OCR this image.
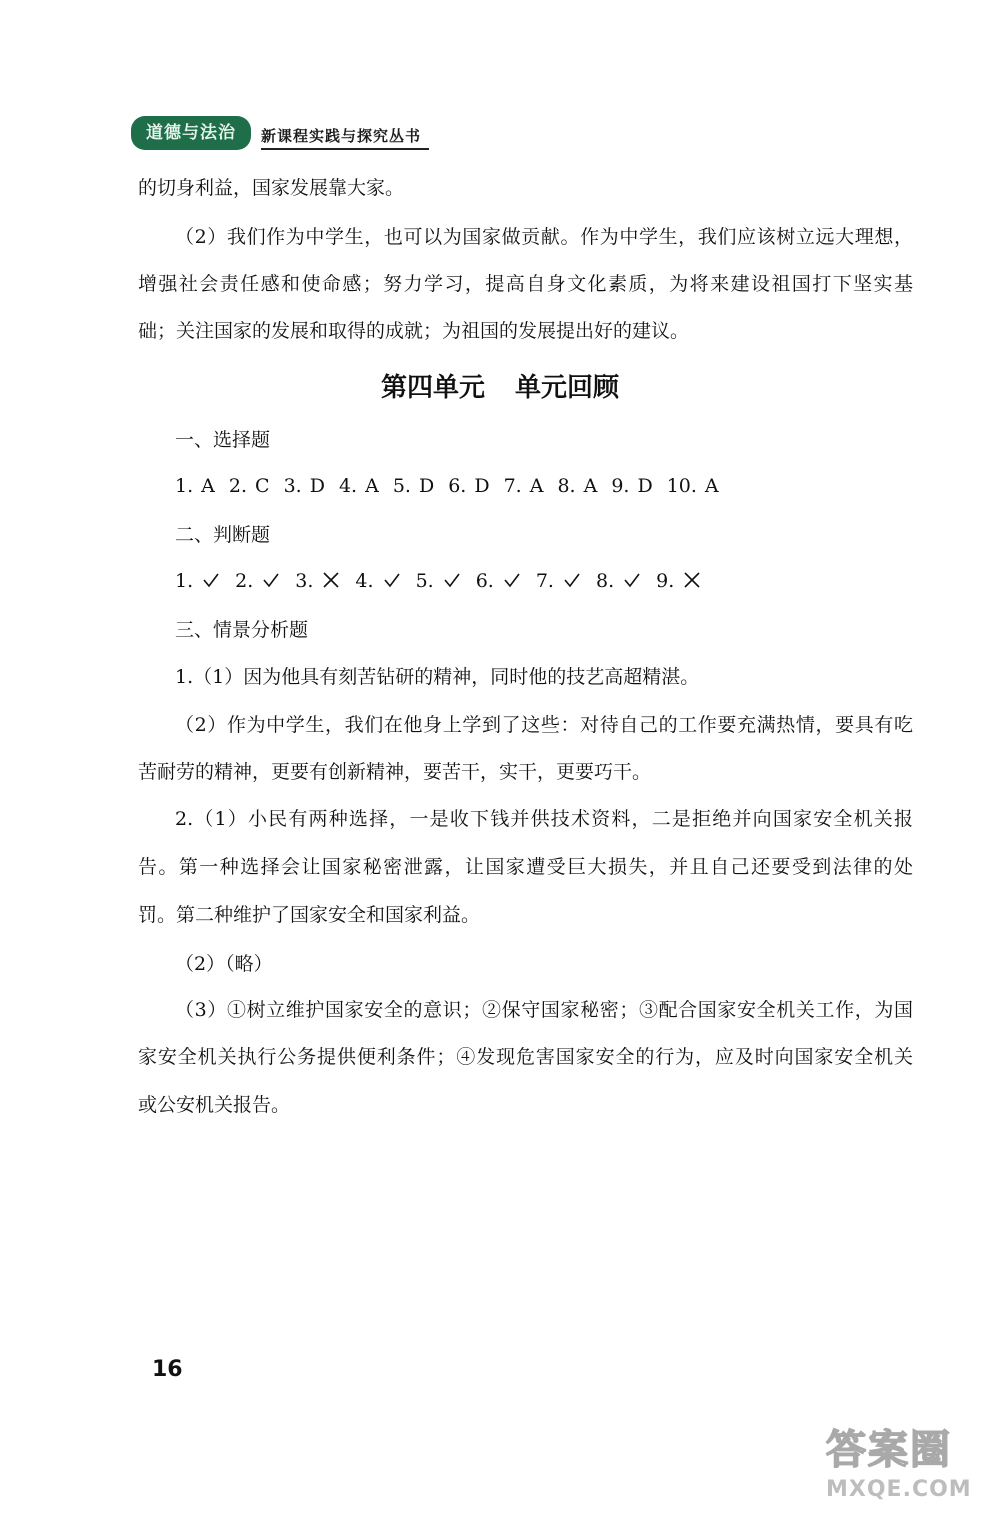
道德与法治	新课程实践与探究丛书
的切身利益，国家发展靠大家。
（2）我们作为中学生，也可以为国家做贡献。作为中学生，我们应该树立远大理想，
增强社会责任感和使命感；努力学习，提高自身文化素质，为将来建设祖国打下坚实基
础；关注国家的发展和取得的成就；为祖国的发展提出好的建议。
第四单元 单元回顾
一、选择题
1. A 2. C 3. D 4. A 5. D 6. D 7. A 8. A 9. D 10. A
二、判断题
1. 2. 3. 4. 5. 6. 7. 8. 9.
三、情景分析题
1.（1）因为他具有刻苦钻研的精神，同时他的技艺高超精湛。
（2）作为中学生，我们在他身上学到了这些：对待自己的工作要充满热情，要具有吃
苦耐劳的精神，更要有创新精神，要苦干，实干，更要巧干。
2.（1）小民有两种选择，一是收下钱并供技术资料，二是拒绝并向国家安全机关报
告。第一种选择会让国家秘密泄露，让国家遭受巨大损失，并且自己还要受到法律的处
罚。第二种维护了国家安全和国家利益。
（2）（略）
（3）①树立维护国家安全的意识；②保守国家秘密；③配合国家安全机关工作，为国
家安全机关执行公务提供便利条件；④发现危害国家安全的行为，应及时向国家安全机关
或公安机关报告。
16
答案圈
MXQE.COM
